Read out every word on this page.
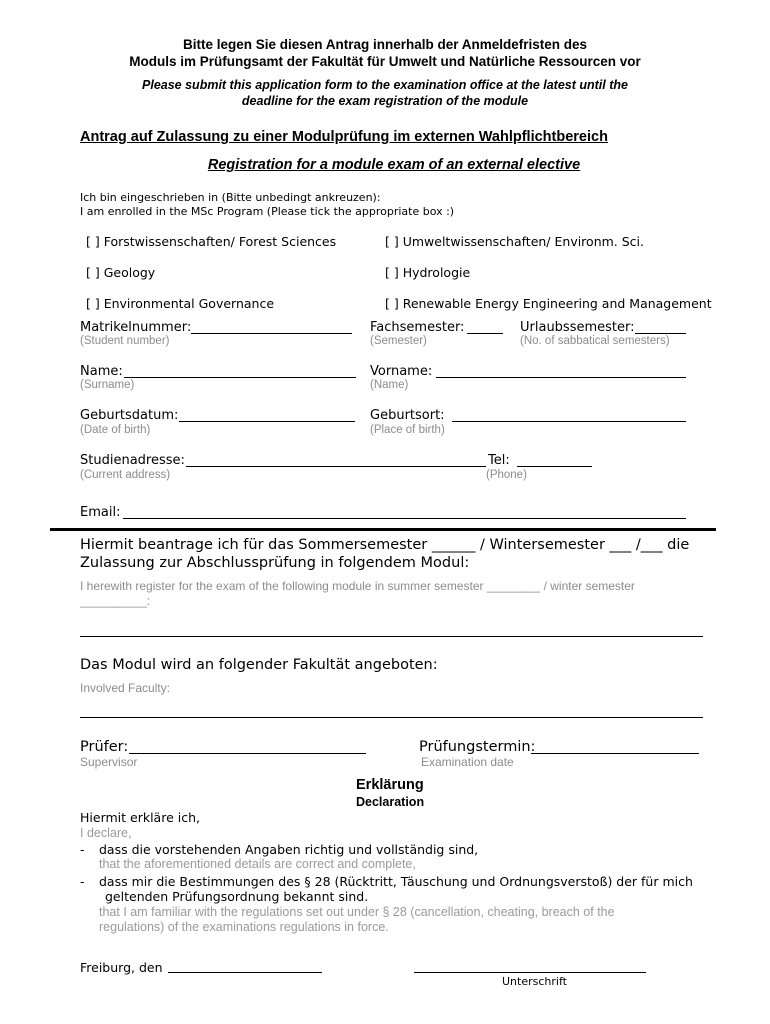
Bitte legen Sie diesen Antrag innerhalb der Anmeldefristen des
Moduls im Prüfungsamt der Fakultät für Umwelt und Natürliche Ressourcen vor
Please submit this application form to the examination office at the latest until the
deadline for the exam registration of the module
Antrag auf Zulassung zu einer Modulprüfung im externen Wahlpflichtbereich
Registration for a module exam of an external elective
Ich bin eingeschrieben in (Bitte unbedingt ankreuzen):
I am enrolled in the MSc Program (Please tick the appropriate box :)
[ ] Forstwissenschaften/ Forest Sciences	[ ] Umweltwissenschaften/ Environm. Sci.
[ ] Geology	[ ] Hydrologie
[ ] Environmental Governance	[ ] Renewable Energy Engineering and Management
Matrikelnummer:
(Student number)
Fachsemester:
(Semester)
Urlaubssemester:
(No. of sabbatical semesters)
Name:
(Surname)
Vorname:
(Name)
Geburtsdatum:
(Date of birth)
Geburtsort:
(Place of birth)
Studienadresse:
(Current address)
Tel:
(Phone)
Email:
Hiermit beantrage ich für das Sommersemester ______ / Wintersemester ___ /___ die
Zulassung zur Abschlussprüfung in folgendem Modul:
I herewith register for the exam of the following module in summer semester ________ / winter semester
__________:
Das Modul wird an folgender Fakultät angeboten:
Involved Faculty:
Prüfer:
Supervisor
Prüfungstermin:
Examination date
Erklärung
Declaration
Hiermit erkläre ich,
I declare,
- dass die vorstehenden Angaben richtig und vollständig sind,
that the aforementioned details are correct and complete,
- dass mir die Bestimmungen des § 28 (Rücktritt, Täuschung und Ordnungsverstoß) der für mich
geltenden Prüfungsordnung bekannt sind.
that I am familiar with the regulations set out under § 28 (cancellation, cheating, breach of the
regulations) of the examinations regulations in force.
Freiburg, den
Unterschrift
